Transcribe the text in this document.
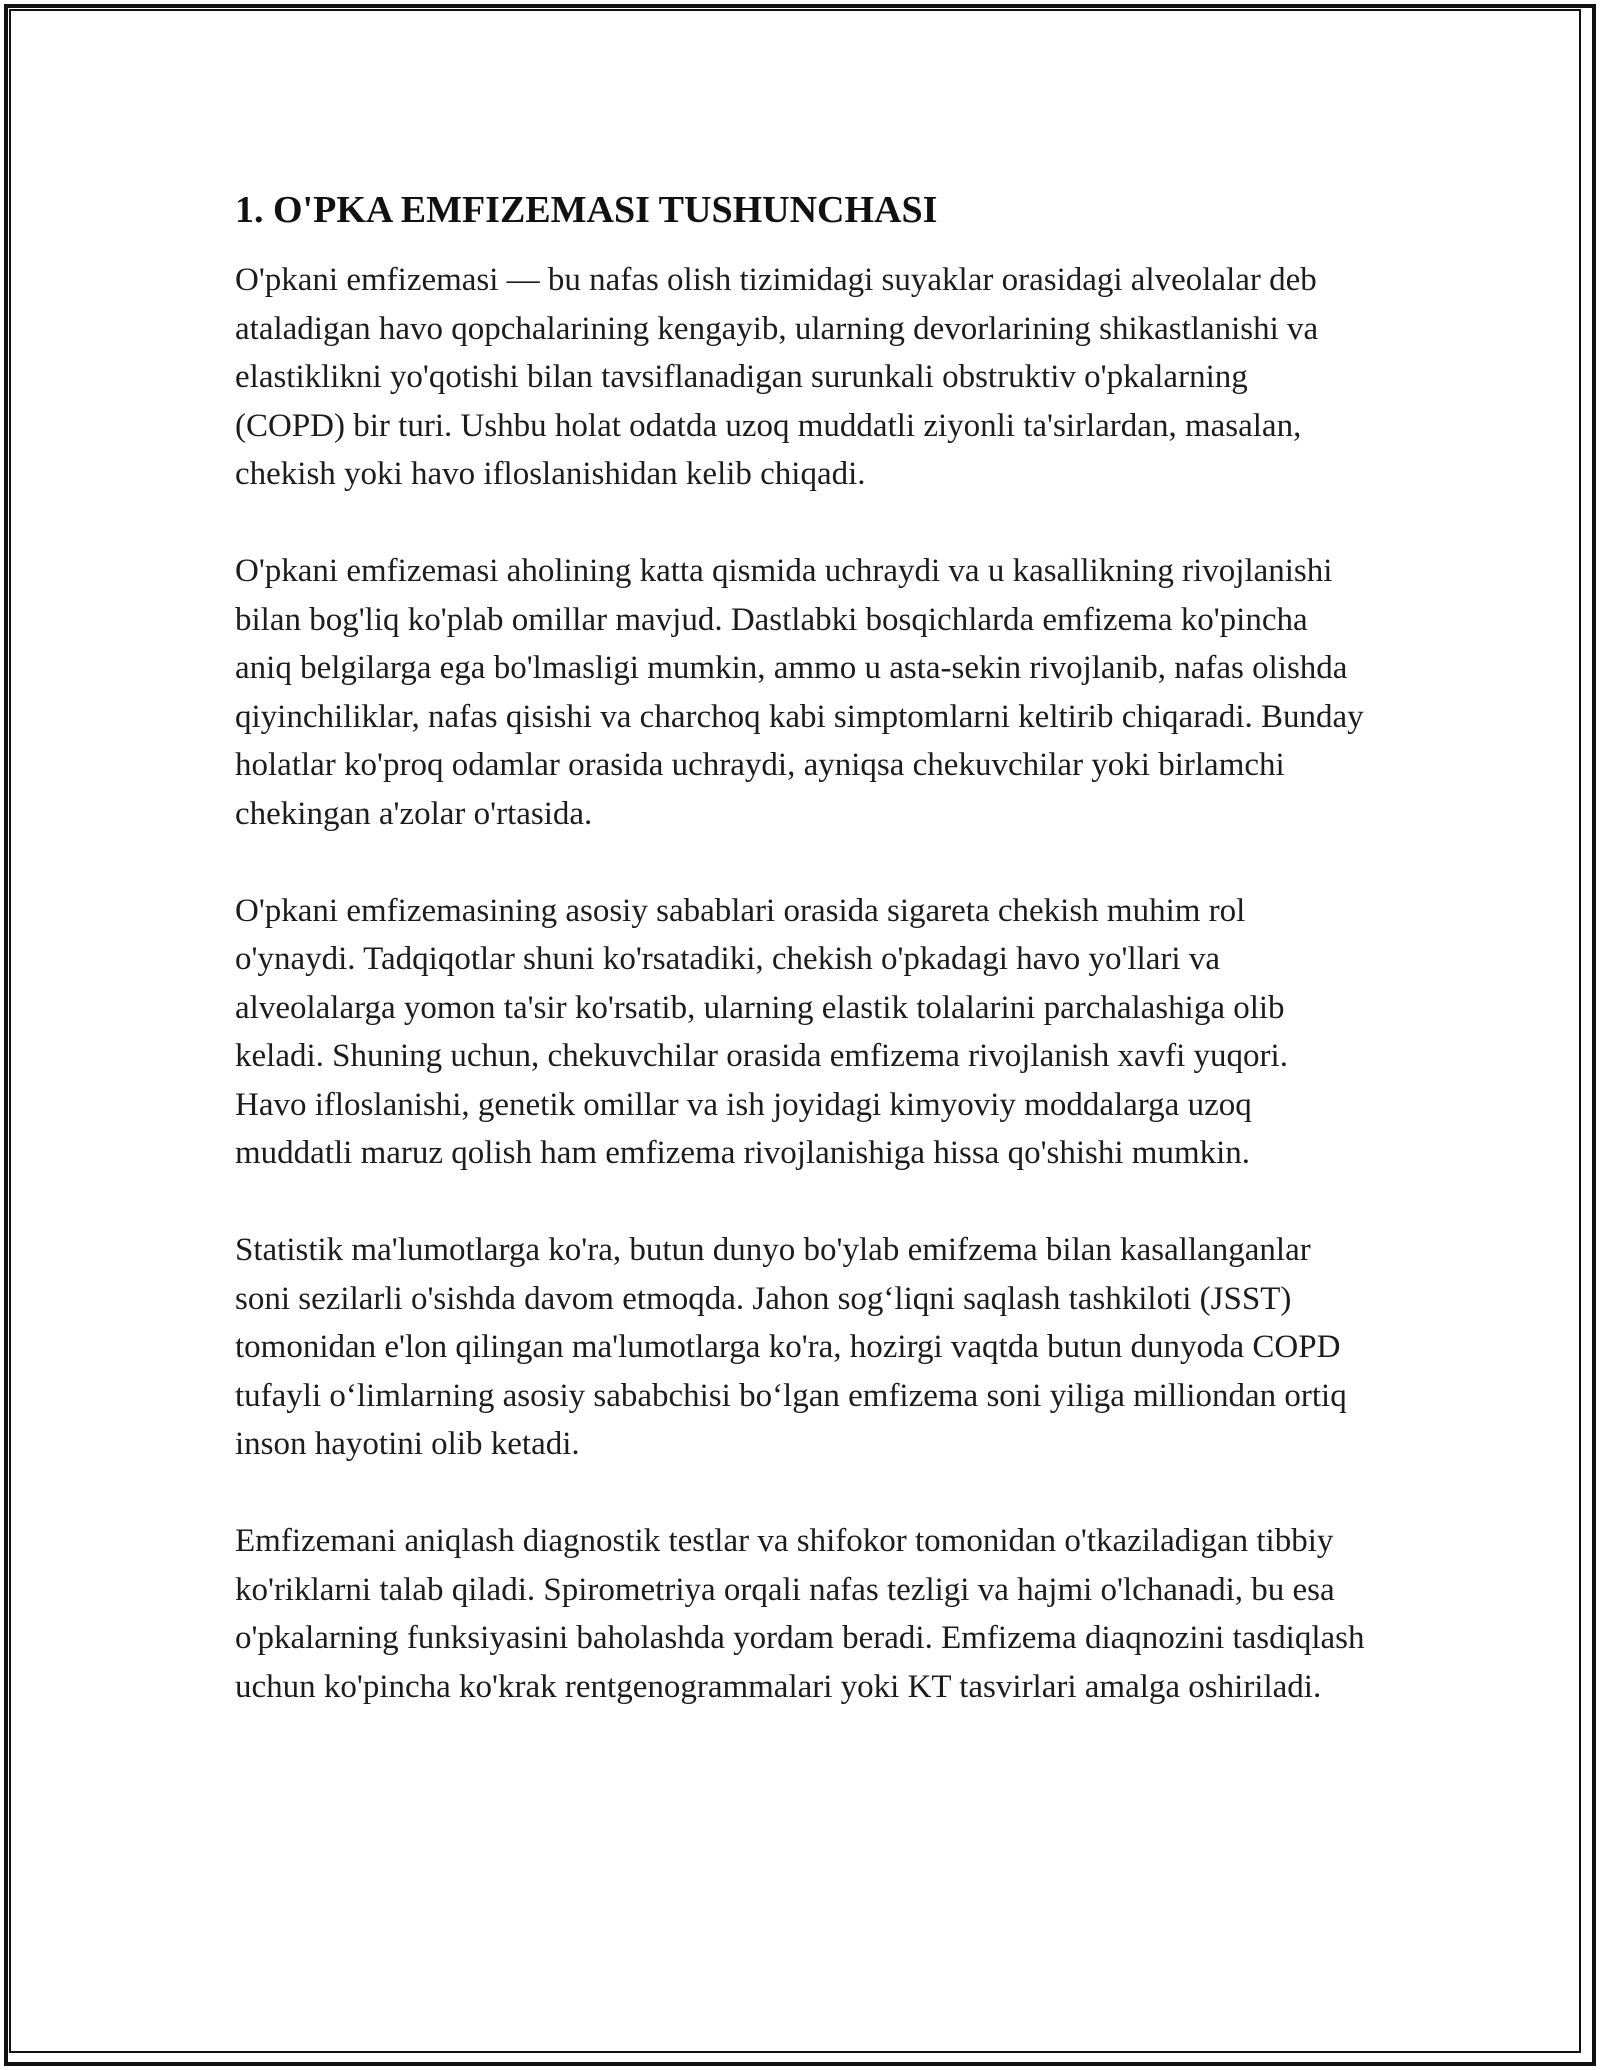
1. O'PKA EMFIZEMASI TUSHUNCHASI

O'pkani emfizemasi — bu nafas olish tizimidagi suyaklar orasidagi alveolalar deb ataladigan havo qopchalarining kengayib, ularning devorlarining shikastlanishi va elastiklikni yo'qotishi bilan tavsiflanadigan surunkali obstruktiv o'pkalarning (COPD) bir turi. Ushbu holat odatda uzoq muddatli ziyonli ta'sirlardan, masalan, chekish yoki havo ifloslanishidan kelib chiqadi.

O'pkani emfizemasi aholining katta qismida uchraydi va u kasallikning rivojlanishi bilan bog'liq ko'plab omillar mavjud. Dastlabki bosqichlarda emfizema ko'pincha aniq belgilarga ega bo'lmasligi mumkin, ammo u asta-sekin rivojlanib, nafas olishda qiyinchiliklar, nafas qisishi va charchoq kabi simptomlarni keltirib chiqaradi. Bunday holatlar ko'proq odamlar orasida uchraydi, ayniqsa chekuvchilar yoki birlamchi chekingan a'zolar o'rtasida.

O'pkani emfizemasining asosiy sabablari orasida sigareta chekish muhim rol o'ynaydi. Tadqiqotlar shuni ko'rsatadiki, chekish o'pkadagi havo yo'llari va alveolalarga yomon ta'sir ko'rsatib, ularning elastik tolalarini parchalashiga olib keladi. Shuning uchun, chekuvchilar orasida emfizema rivojlanish xavfi yuqori. Havo ifloslanishi, genetik omillar va ish joyidagi kimyoviy moddalarga uzoq muddatli maruz qolish ham emfizema rivojlanishiga hissa qo'shishi mumkin.

Statistik ma'lumotlarga ko'ra, butun dunyo bo'ylab emifzema bilan kasallanganlar soni sezilarli o'sishda davom etmoqda. Jahon sog‘liqni saqlash tashkiloti (JSST) tomonidan e'lon qilingan ma'lumotlarga ko'ra, hozirgi vaqtda butun dunyoda COPD tufayli o‘limlarning asosiy sababchisi bo‘lgan emfizema soni yiliga milliondan ortiq inson hayotini olib ketadi.

Emfizemani aniqlash diagnostik testlar va shifokor tomonidan o'tkaziladigan tibbiy ko'riklarni talab qiladi. Spirometriya orqali nafas tezligi va hajmi o'lchanadi, bu esa o'pkalarning funksiyasini baholashda yordam beradi. Emfizema diaqnozini tasdiqlash uchun ko'pincha ko'krak rentgenogrammalari yoki KT tasvirlari amalga oshiriladi.
